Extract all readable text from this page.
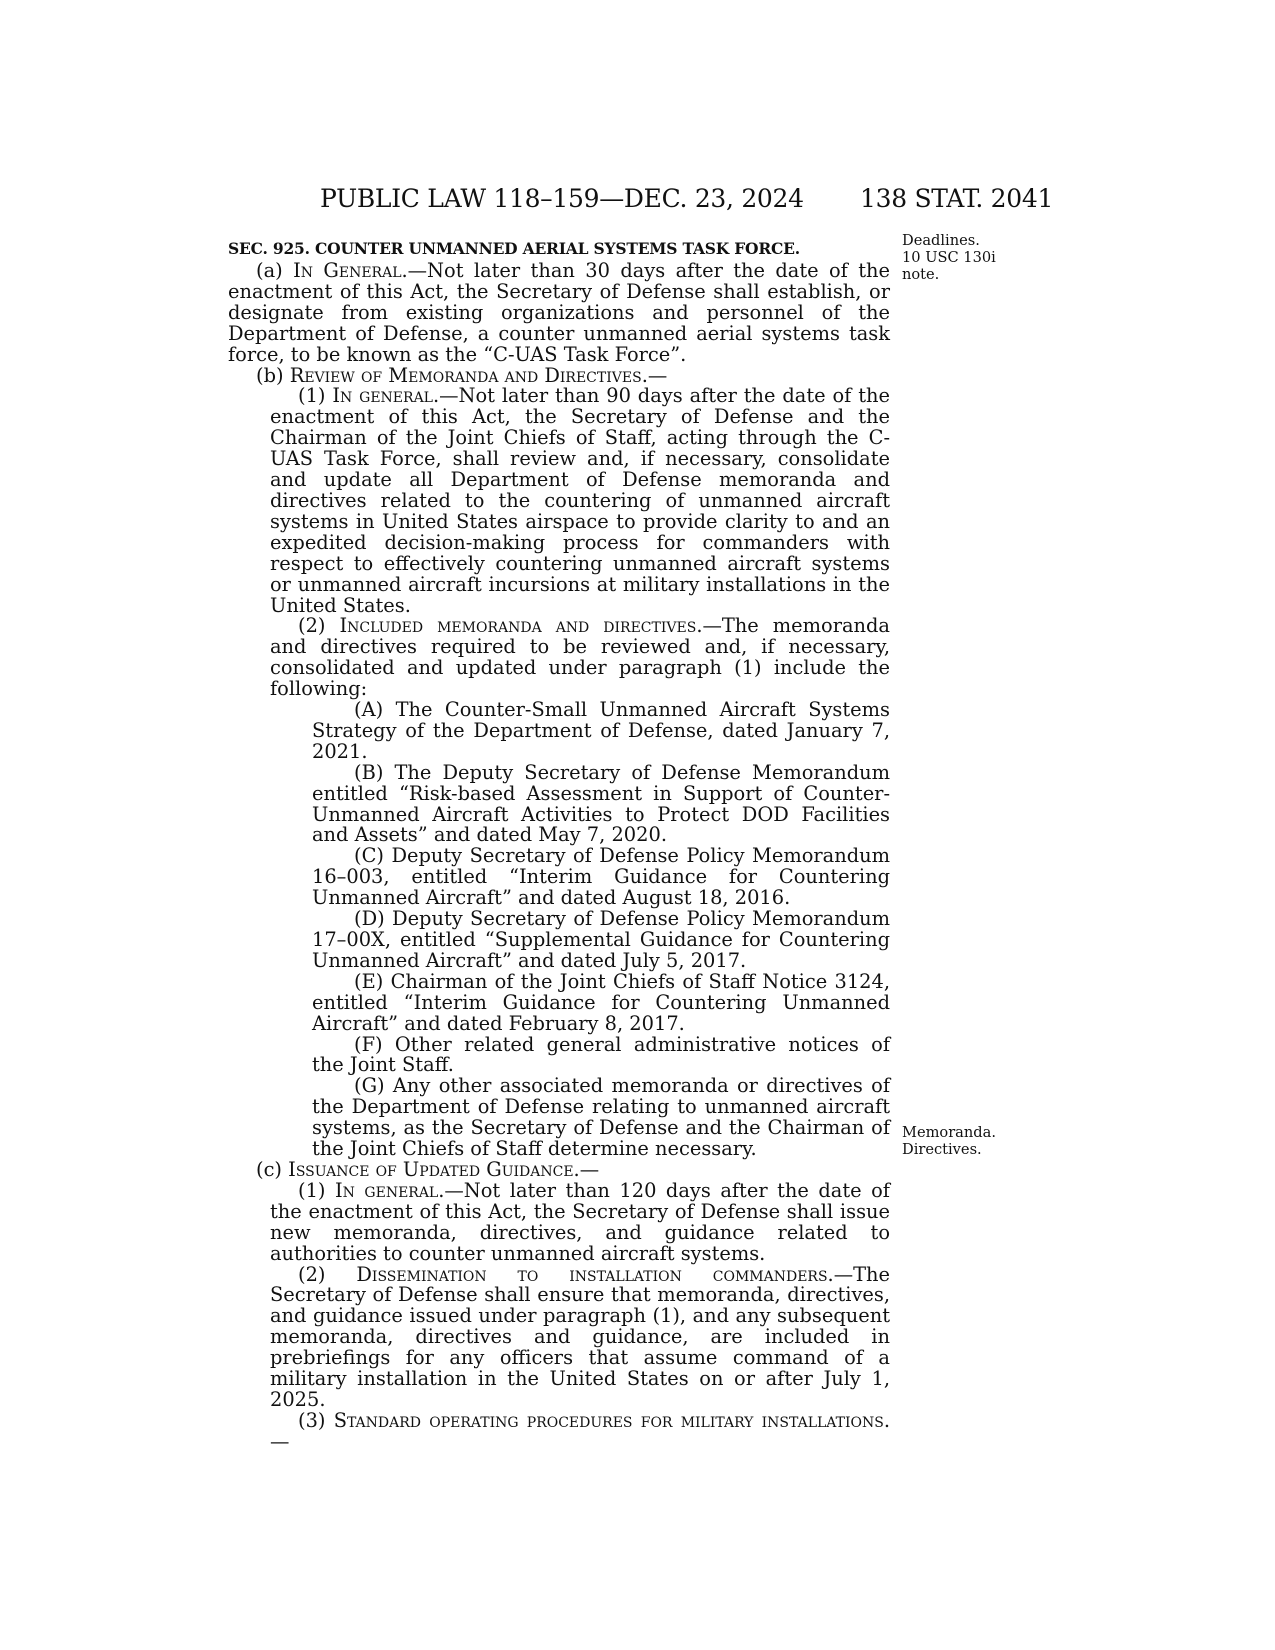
PUBLIC LAW 118–159—DEC. 23, 2024 138 STAT. 2041
Deadlines.
10 USC 130i
note.
Memoranda.
Directives.
SEC. 925. COUNTER UNMANNED AERIAL SYSTEMS TASK FORCE.

(a) In General.—Not later than 30 days after the date of the enactment of this Act, the Secretary of Defense shall establish, or designate from existing organizations and personnel of the Department of Defense, a counter unmanned aerial systems task force, to be known as the “C-UAS Task Force”.

(b) Review of Memoranda and Directives.—

(1) In general.—Not later than 90 days after the date of the enactment of this Act, the Secretary of Defense and the Chairman of the Joint Chiefs of Staff, acting through the C-UAS Task Force, shall review and, if necessary, consolidate and update all Department of Defense memoranda and directives related to the countering of unmanned aircraft systems in United States airspace to provide clarity to and an expedited decision-making process for commanders with respect to effectively countering unmanned aircraft systems or unmanned aircraft incursions at military installations in the United States.

(2) Included memoranda and directives.—The memoranda and directives required to be reviewed and, if necessary, consolidated and updated under paragraph (1) include the following:

(A) The Counter-Small Unmanned Aircraft Systems Strategy of the Department of Defense, dated January 7, 2021.

(B) The Deputy Secretary of Defense Memorandum entitled “Risk-based Assessment in Support of Counter-Unmanned Aircraft Activities to Protect DOD Facilities and Assets” and dated May 7, 2020.

(C) Deputy Secretary of Defense Policy Memorandum 16–003, entitled “Interim Guidance for Countering Unmanned Aircraft” and dated August 18, 2016.

(D) Deputy Secretary of Defense Policy Memorandum 17–00X, entitled “Supplemental Guidance for Countering Unmanned Aircraft” and dated July 5, 2017.

(E) Chairman of the Joint Chiefs of Staff Notice 3124, entitled “Interim Guidance for Countering Unmanned Aircraft” and dated February 8, 2017.

(F) Other related general administrative notices of the Joint Staff.

(G) Any other associated memoranda or directives of the Department of Defense relating to unmanned aircraft systems, as the Secretary of Defense and the Chairman of the Joint Chiefs of Staff determine necessary.

(c) Issuance of Updated Guidance.—

(1) In general.—Not later than 120 days after the date of the enactment of this Act, the Secretary of Defense shall issue new memoranda, directives, and guidance related to authorities to counter unmanned aircraft systems.

(2) Dissemination to installation commanders.—The Secretary of Defense shall ensure that memoranda, directives, and guidance issued under paragraph (1), and any subsequent memoranda, directives and guidance, are included in prebriefings for any officers that assume command of a military installation in the United States on or after July 1, 2025.

(3) Standard operating procedures for military installations.—
